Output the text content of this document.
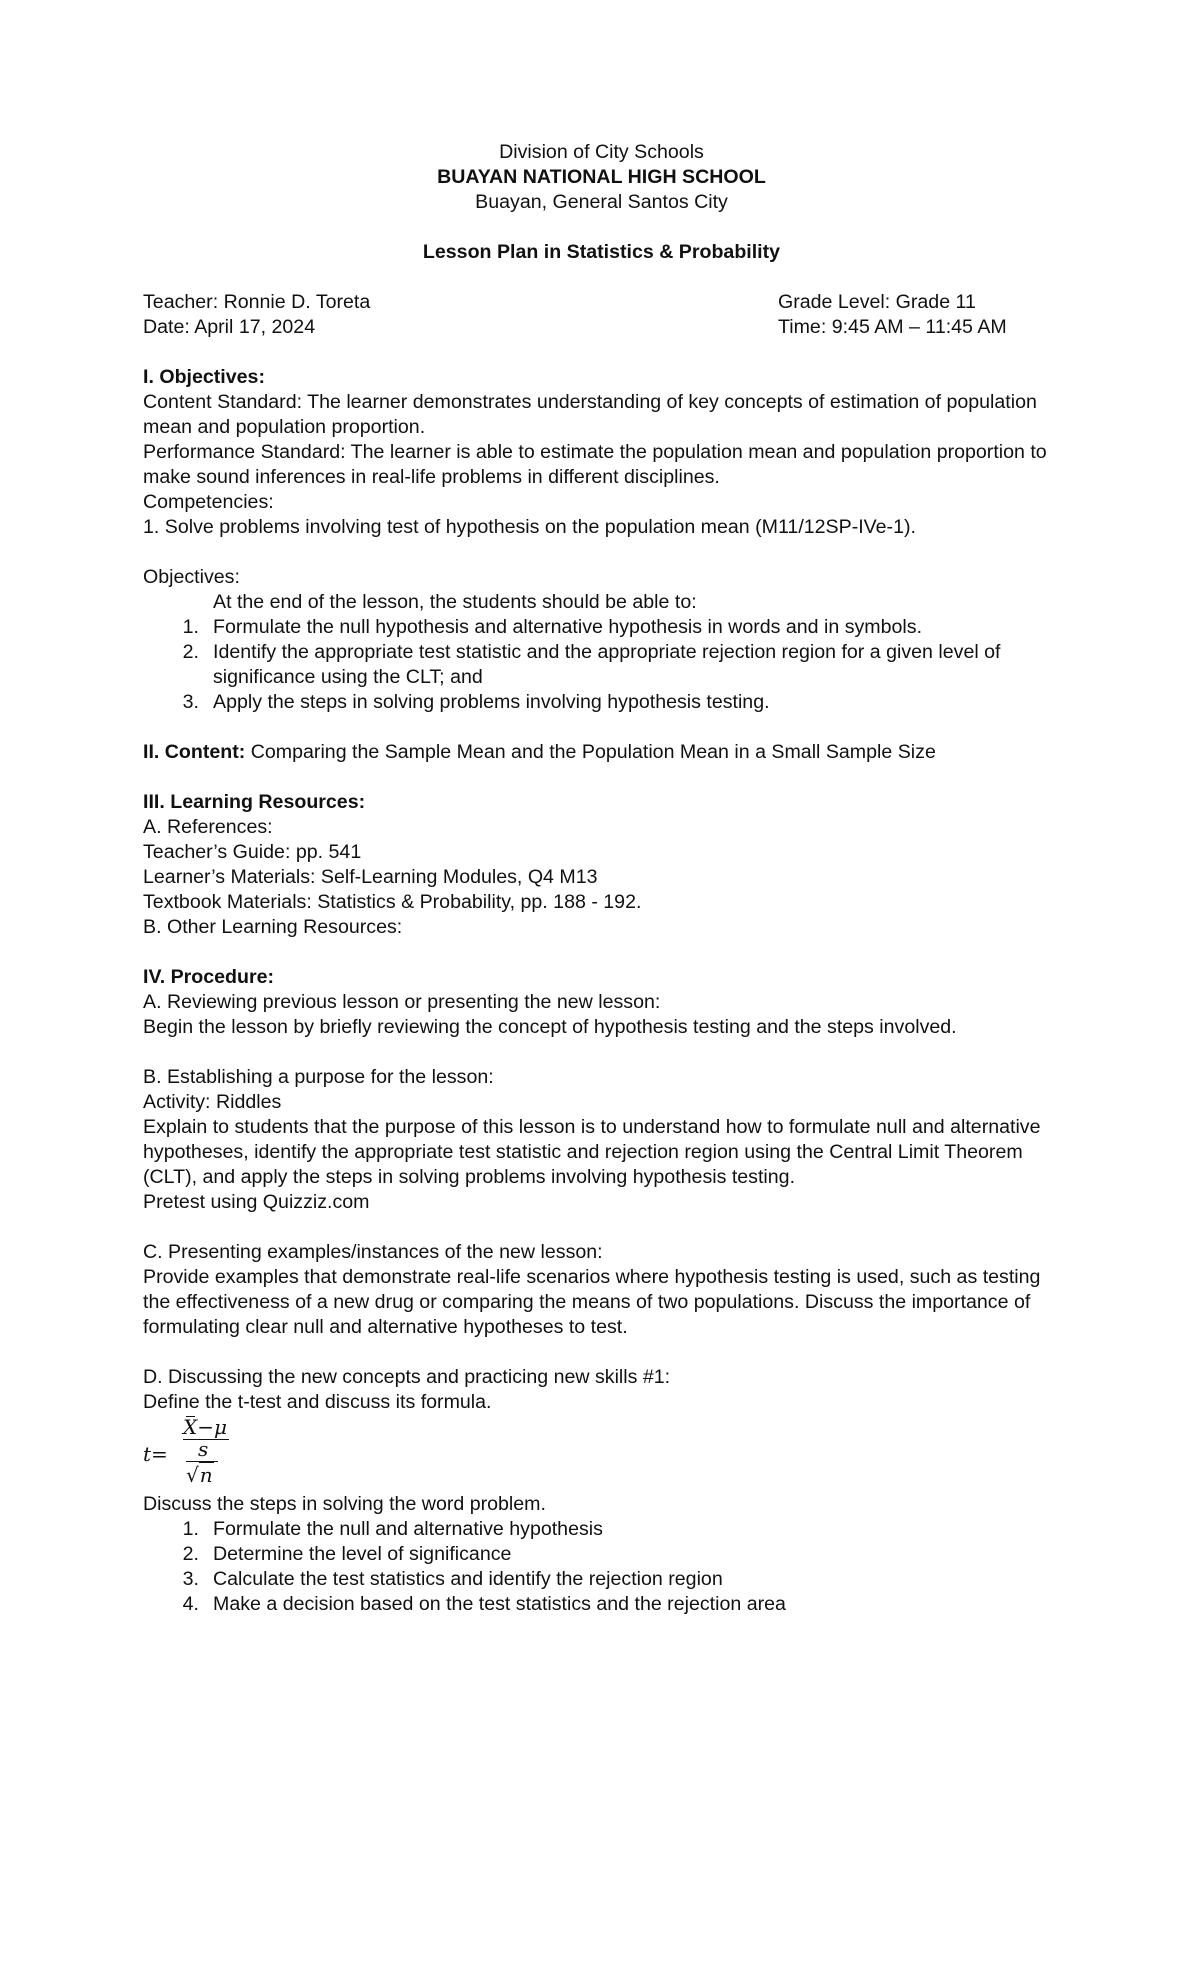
Division of City Schools
BUAYAN NATIONAL HIGH SCHOOL
Buayan, General Santos City
Lesson Plan in Statistics & Probability
Teacher: Ronnie D. Toreta	Grade Level: Grade 11
Date: April 17, 2024	Time: 9:45 AM – 11:45 AM
I. Objectives:
Content Standard: The learner demonstrates understanding of key concepts of estimation of population mean and population proportion.
Performance Standard: The learner is able to estimate the population mean and population proportion to make sound inferences in real-life problems in different disciplines.
Competencies:
1. Solve problems involving test of hypothesis on the population mean (M11/12SP-IVe-1).
Objectives:
At the end of the lesson, the students should be able to:
1. Formulate the null hypothesis and alternative hypothesis in words and in symbols.
2. Identify the appropriate test statistic and the appropriate rejection region for a given level of significance using the CLT; and
3. Apply the steps in solving problems involving hypothesis testing.
II. Content: Comparing the Sample Mean and the Population Mean in a Small Sample Size
III. Learning Resources:
A. References:
Teacher’s Guide: pp. 541
Learner’s Materials: Self-Learning Modules, Q4 M13
Textbook Materials: Statistics & Probability, pp. 188 - 192.
B. Other Learning Resources:
IV. Procedure:
A. Reviewing previous lesson or presenting the new lesson:
Begin the lesson by briefly reviewing the concept of hypothesis testing and the steps involved.
B. Establishing a purpose for the lesson:
Activity: Riddles
Explain to students that the purpose of this lesson is to understand how to formulate null and alternative hypotheses, identify the appropriate test statistic and rejection region using the Central Limit Theorem (CLT), and apply the steps in solving problems involving hypothesis testing.
Pretest using Quizziz.com
C. Presenting examples/instances of the new lesson:
Provide examples that demonstrate real-life scenarios where hypothesis testing is used, such as testing the effectiveness of a new drug or comparing the means of two populations. Discuss the importance of formulating clear null and alternative hypotheses to test.
D. Discussing the new concepts and practicing new skills #1:
Define the t-test and discuss its formula.
t=
X−μ
s
√n
Discuss the steps in solving the word problem.
1. Formulate the null and alternative hypothesis
2. Determine the level of significance
3. Calculate the test statistics and identify the rejection region
4. Make a decision based on the test statistics and the rejection area
